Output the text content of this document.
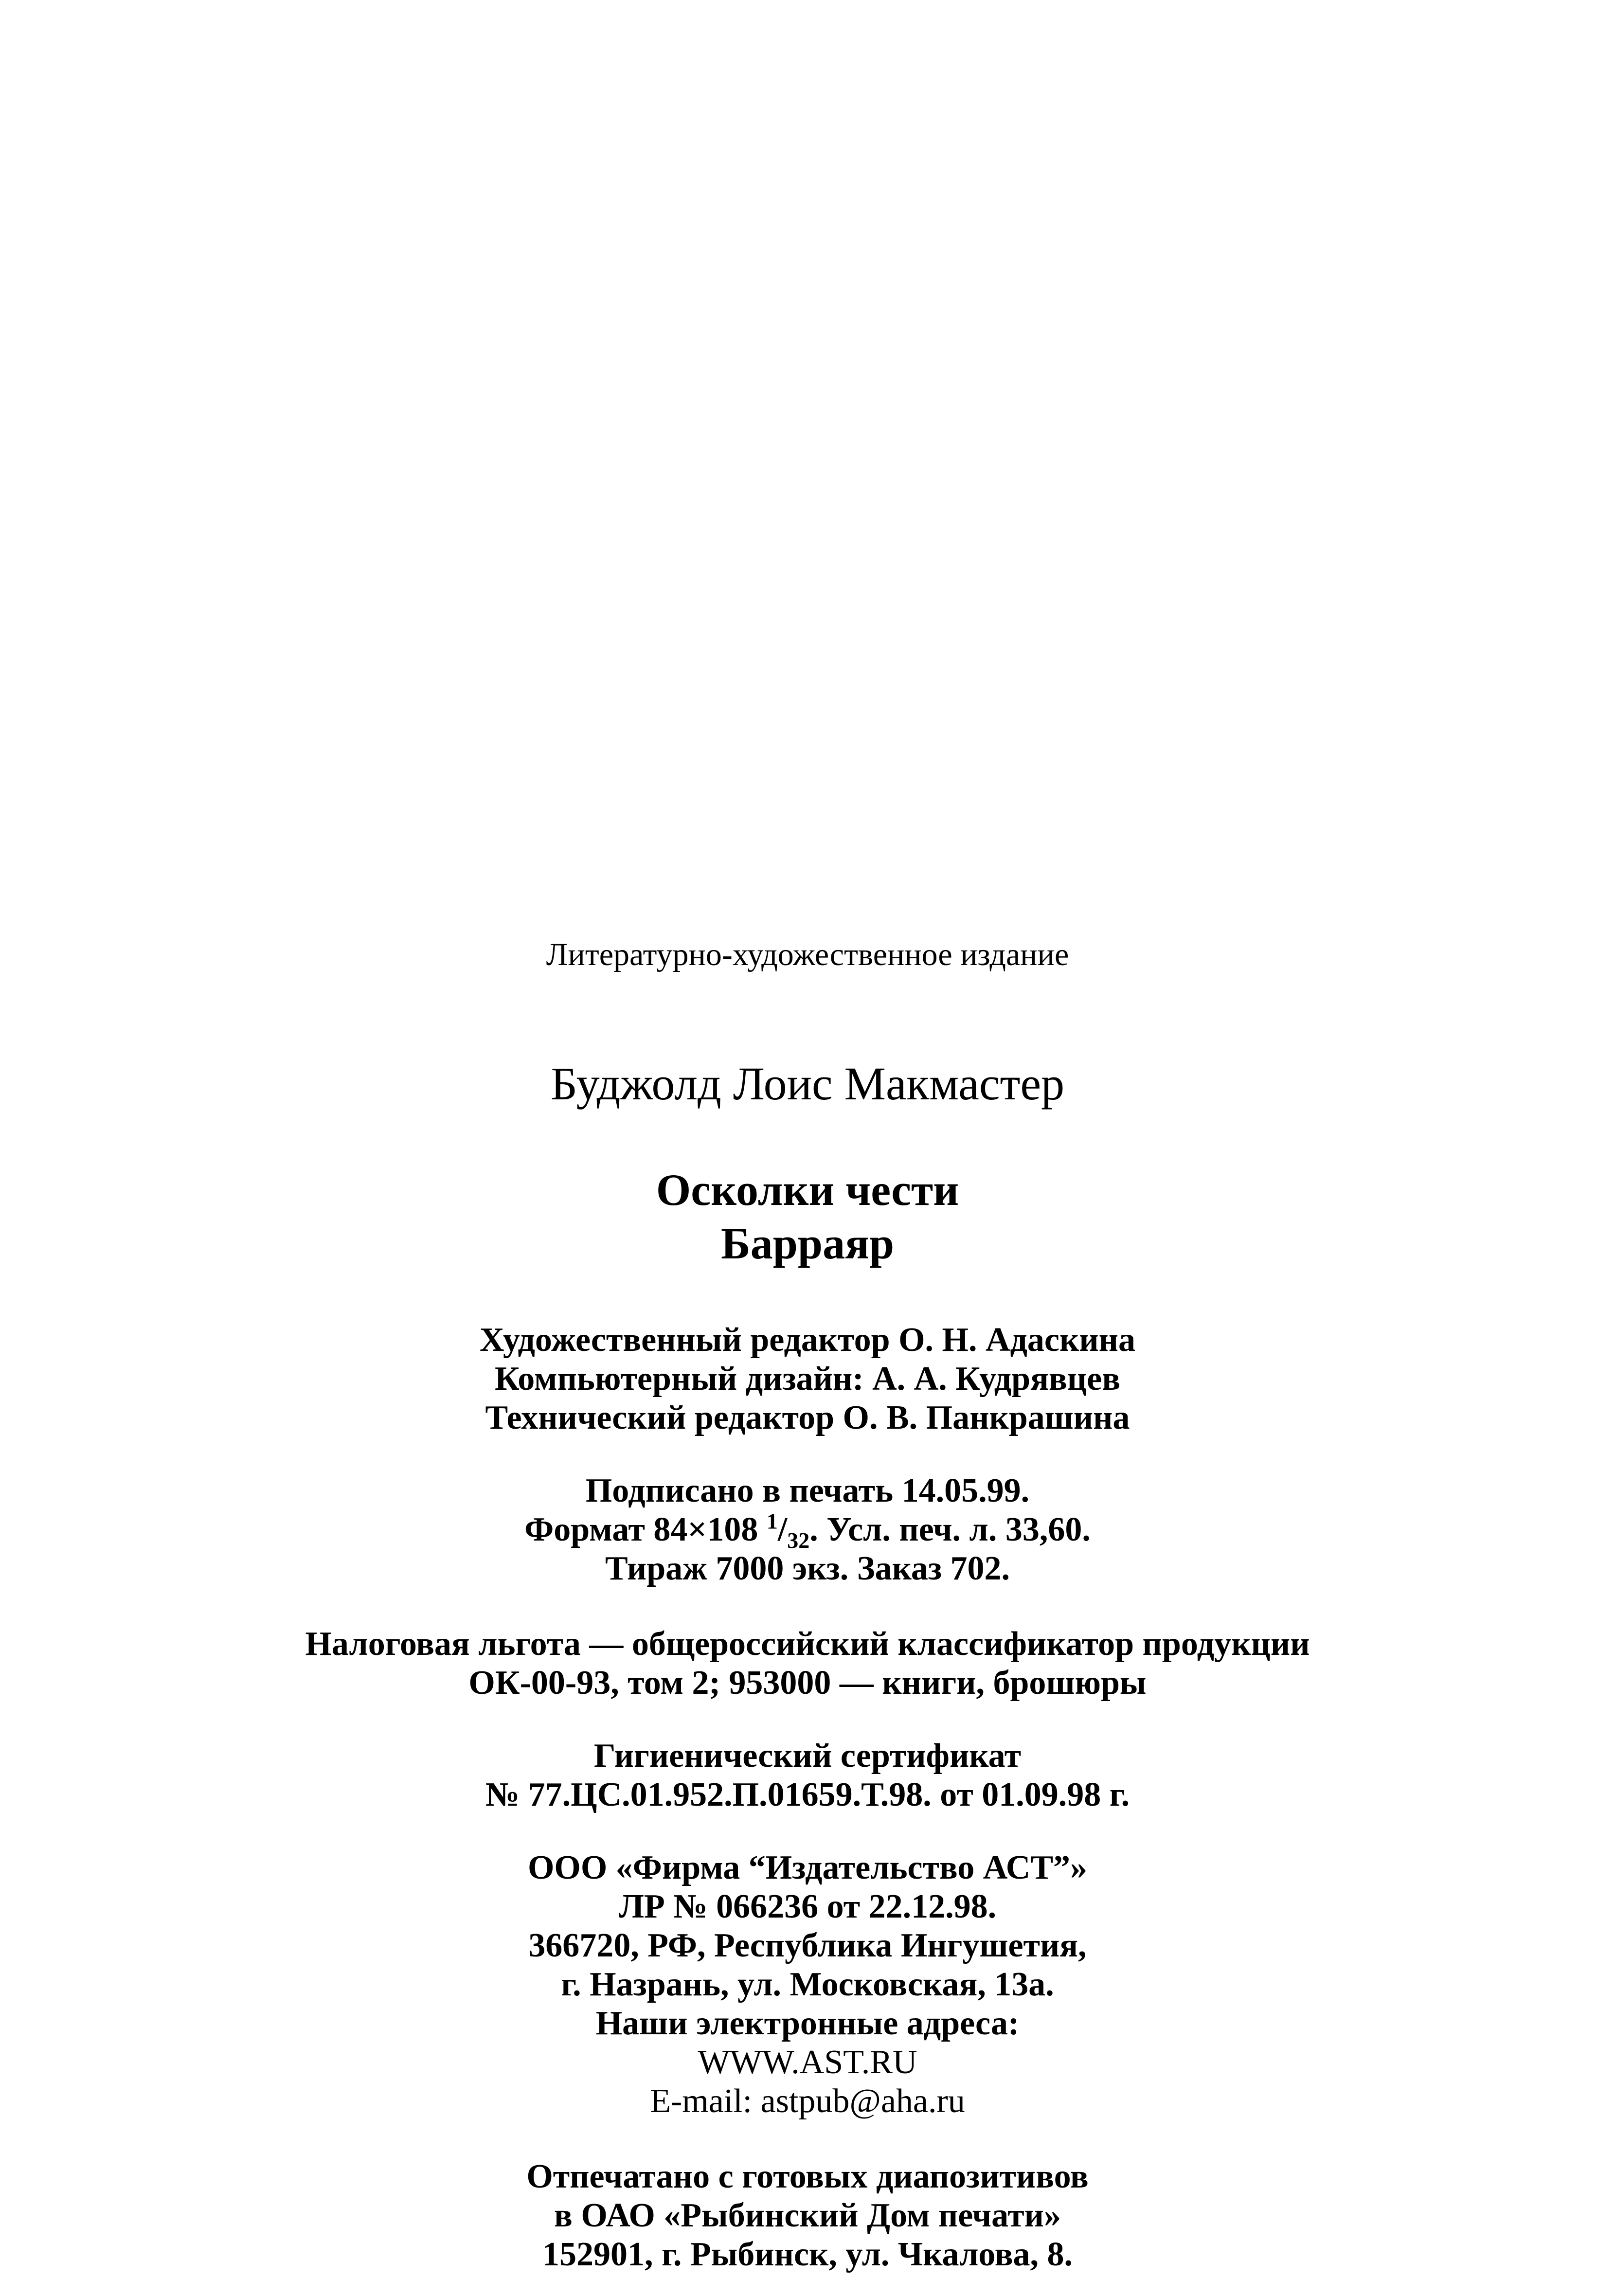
Литературно-художественное издание
Буджолд Лоис Макмастер
Осколки чести
Барраяр
Художественный редактор О. Н. Адаскина
Компьютерный дизайн: А. А. Кудрявцев
Технический редактор О. В. Панкрашина
Подписано в печать 14.05.99.
Формат 84×108 $^1/_{32}$. Усл. печ. л. 33,60.
Тираж 7000 экз. Заказ 702.
Налоговая льгота — общероссийский классификатор продукции
ОК-00-93, том 2; 953000 — книги, брошюры
Гигиенический сертификат
№ 77.ЦС.01.952.П.01659.Т.98. от 01.09.98 г.
ООО «Фирма “Издательство АСТ”»
ЛР № 066236 от 22.12.98.
366720, РФ, Республика Ингушетия,
г. Назрань, ул. Московская, 13а.
Наши электронные адреса:
WWW.AST.RU
E-mail: astpub@aha.ru
Отпечатано с готовых диапозитивов
в ОАО «Рыбинский Дом печати»
152901, г. Рыбинск, ул. Чкалова, 8.
